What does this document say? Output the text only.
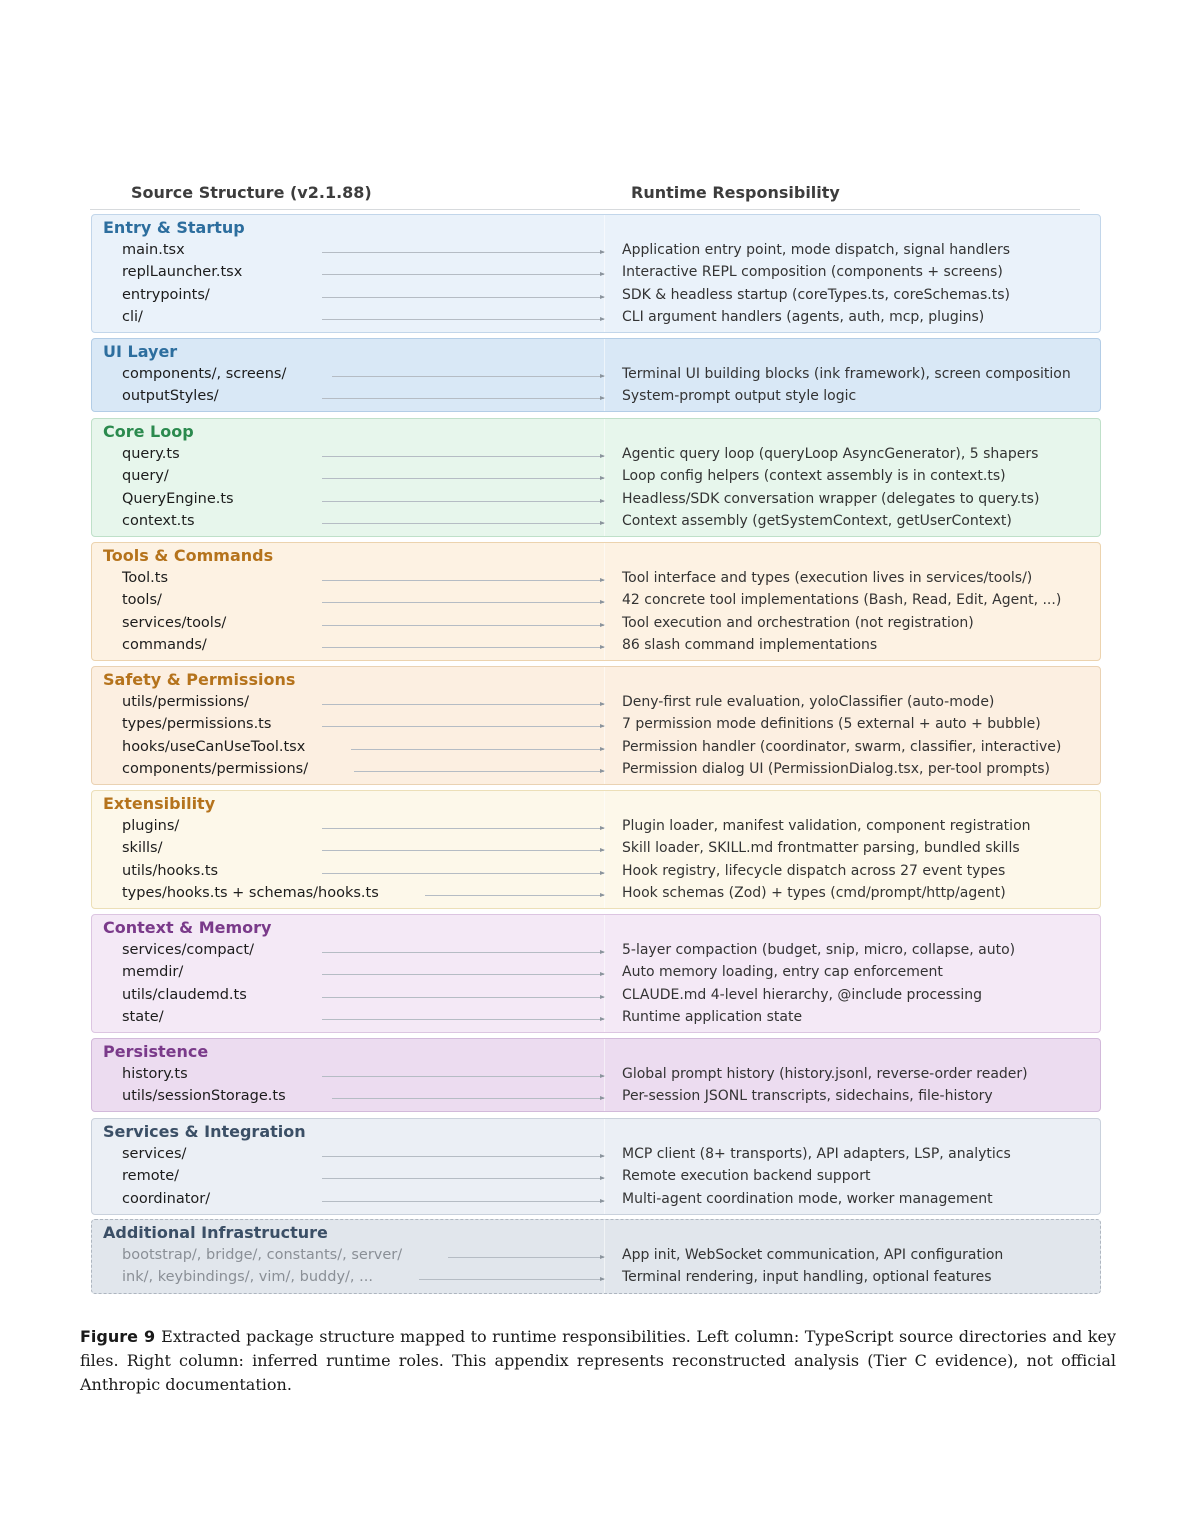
Source Structure (v2.1.88)	Runtime Responsibility
Entry & Startup
main.tsx	Application entry point, mode dispatch, signal handlers
replLauncher.tsx	Interactive REPL composition (components + screens)
entrypoints/	SDK & headless startup (coreTypes.ts, coreSchemas.ts)
cli/	CLI argument handlers (agents, auth, mcp, plugins)
UI Layer
components/, screens/	Terminal UI building blocks (ink framework), screen composition
outputStyles/	System-prompt output style logic
Core Loop
query.ts	Agentic query loop (queryLoop AsyncGenerator), 5 shapers
query/	Loop config helpers (context assembly is in context.ts)
QueryEngine.ts	Headless/SDK conversation wrapper (delegates to query.ts)
context.ts	Context assembly (getSystemContext, getUserContext)
Tools & Commands
Tool.ts	Tool interface and types (execution lives in services/tools/)
tools/	42 concrete tool implementations (Bash, Read, Edit, Agent, ...)
services/tools/	Tool execution and orchestration (not registration)
commands/	86 slash command implementations
Safety & Permissions
utils/permissions/	Deny-first rule evaluation, yoloClassifier (auto-mode)
types/permissions.ts	7 permission mode definitions (5 external + auto + bubble)
hooks/useCanUseTool.tsx	Permission handler (coordinator, swarm, classifier, interactive)
components/permissions/	Permission dialog UI (PermissionDialog.tsx, per-tool prompts)
Extensibility
plugins/	Plugin loader, manifest validation, component registration
skills/	Skill loader, SKILL.md frontmatter parsing, bundled skills
utils/hooks.ts	Hook registry, lifecycle dispatch across 27 event types
types/hooks.ts + schemas/hooks.ts	Hook schemas (Zod) + types (cmd/prompt/http/agent)
Context & Memory
services/compact/	5-layer compaction (budget, snip, micro, collapse, auto)
memdir/	Auto memory loading, entry cap enforcement
utils/claudemd.ts	CLAUDE.md 4-level hierarchy, @include processing
state/	Runtime application state
Persistence
history.ts	Global prompt history (history.jsonl, reverse-order reader)
utils/sessionStorage.ts	Per-session JSONL transcripts, sidechains, file-history
Services & Integration
services/	MCP client (8+ transports), API adapters, LSP, analytics
remote/	Remote execution backend support
coordinator/	Multi-agent coordination mode, worker management
Additional Infrastructure
bootstrap/, bridge/, constants/, server/	App init, WebSocket communication, API configuration
ink/, keybindings/, vim/, buddy/, ...	Terminal rendering, input handling, optional features
Figure 9 Extracted package structure mapped to runtime responsibilities. Left column: TypeScript source directories and key files. Right column: inferred runtime roles. This appendix represents reconstructed analysis (Tier C evidence), not official Anthropic documentation.
